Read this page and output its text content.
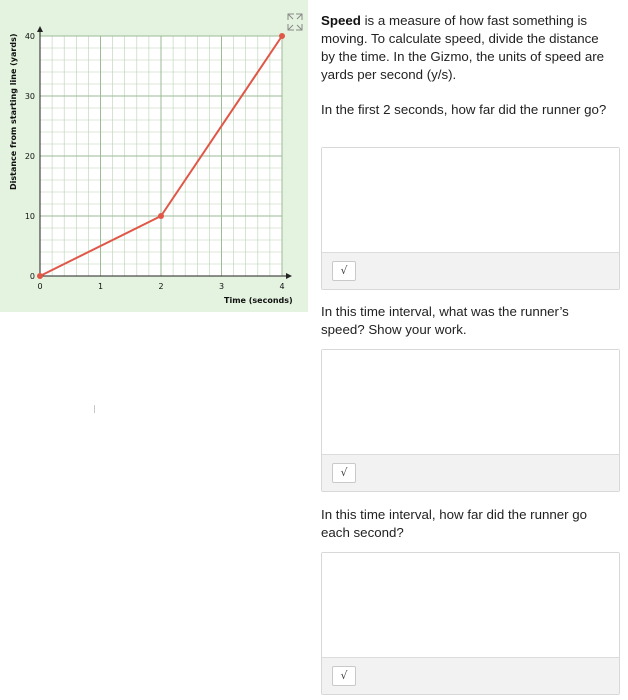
0	1	2	3	4
0
10
20
30
40
Distance from starting line (yards)
Time (seconds)

Speed is a measure of how fast something is moving. To calculate speed, divide the distance by the time. In the Gizmo, the units of speed are yards per second (y/s).

In the first 2 seconds, how far did the runner go?

√

In this time interval, what was the runner’s speed? Show your work.

√

In this time interval, how far did the runner go each second?

√
